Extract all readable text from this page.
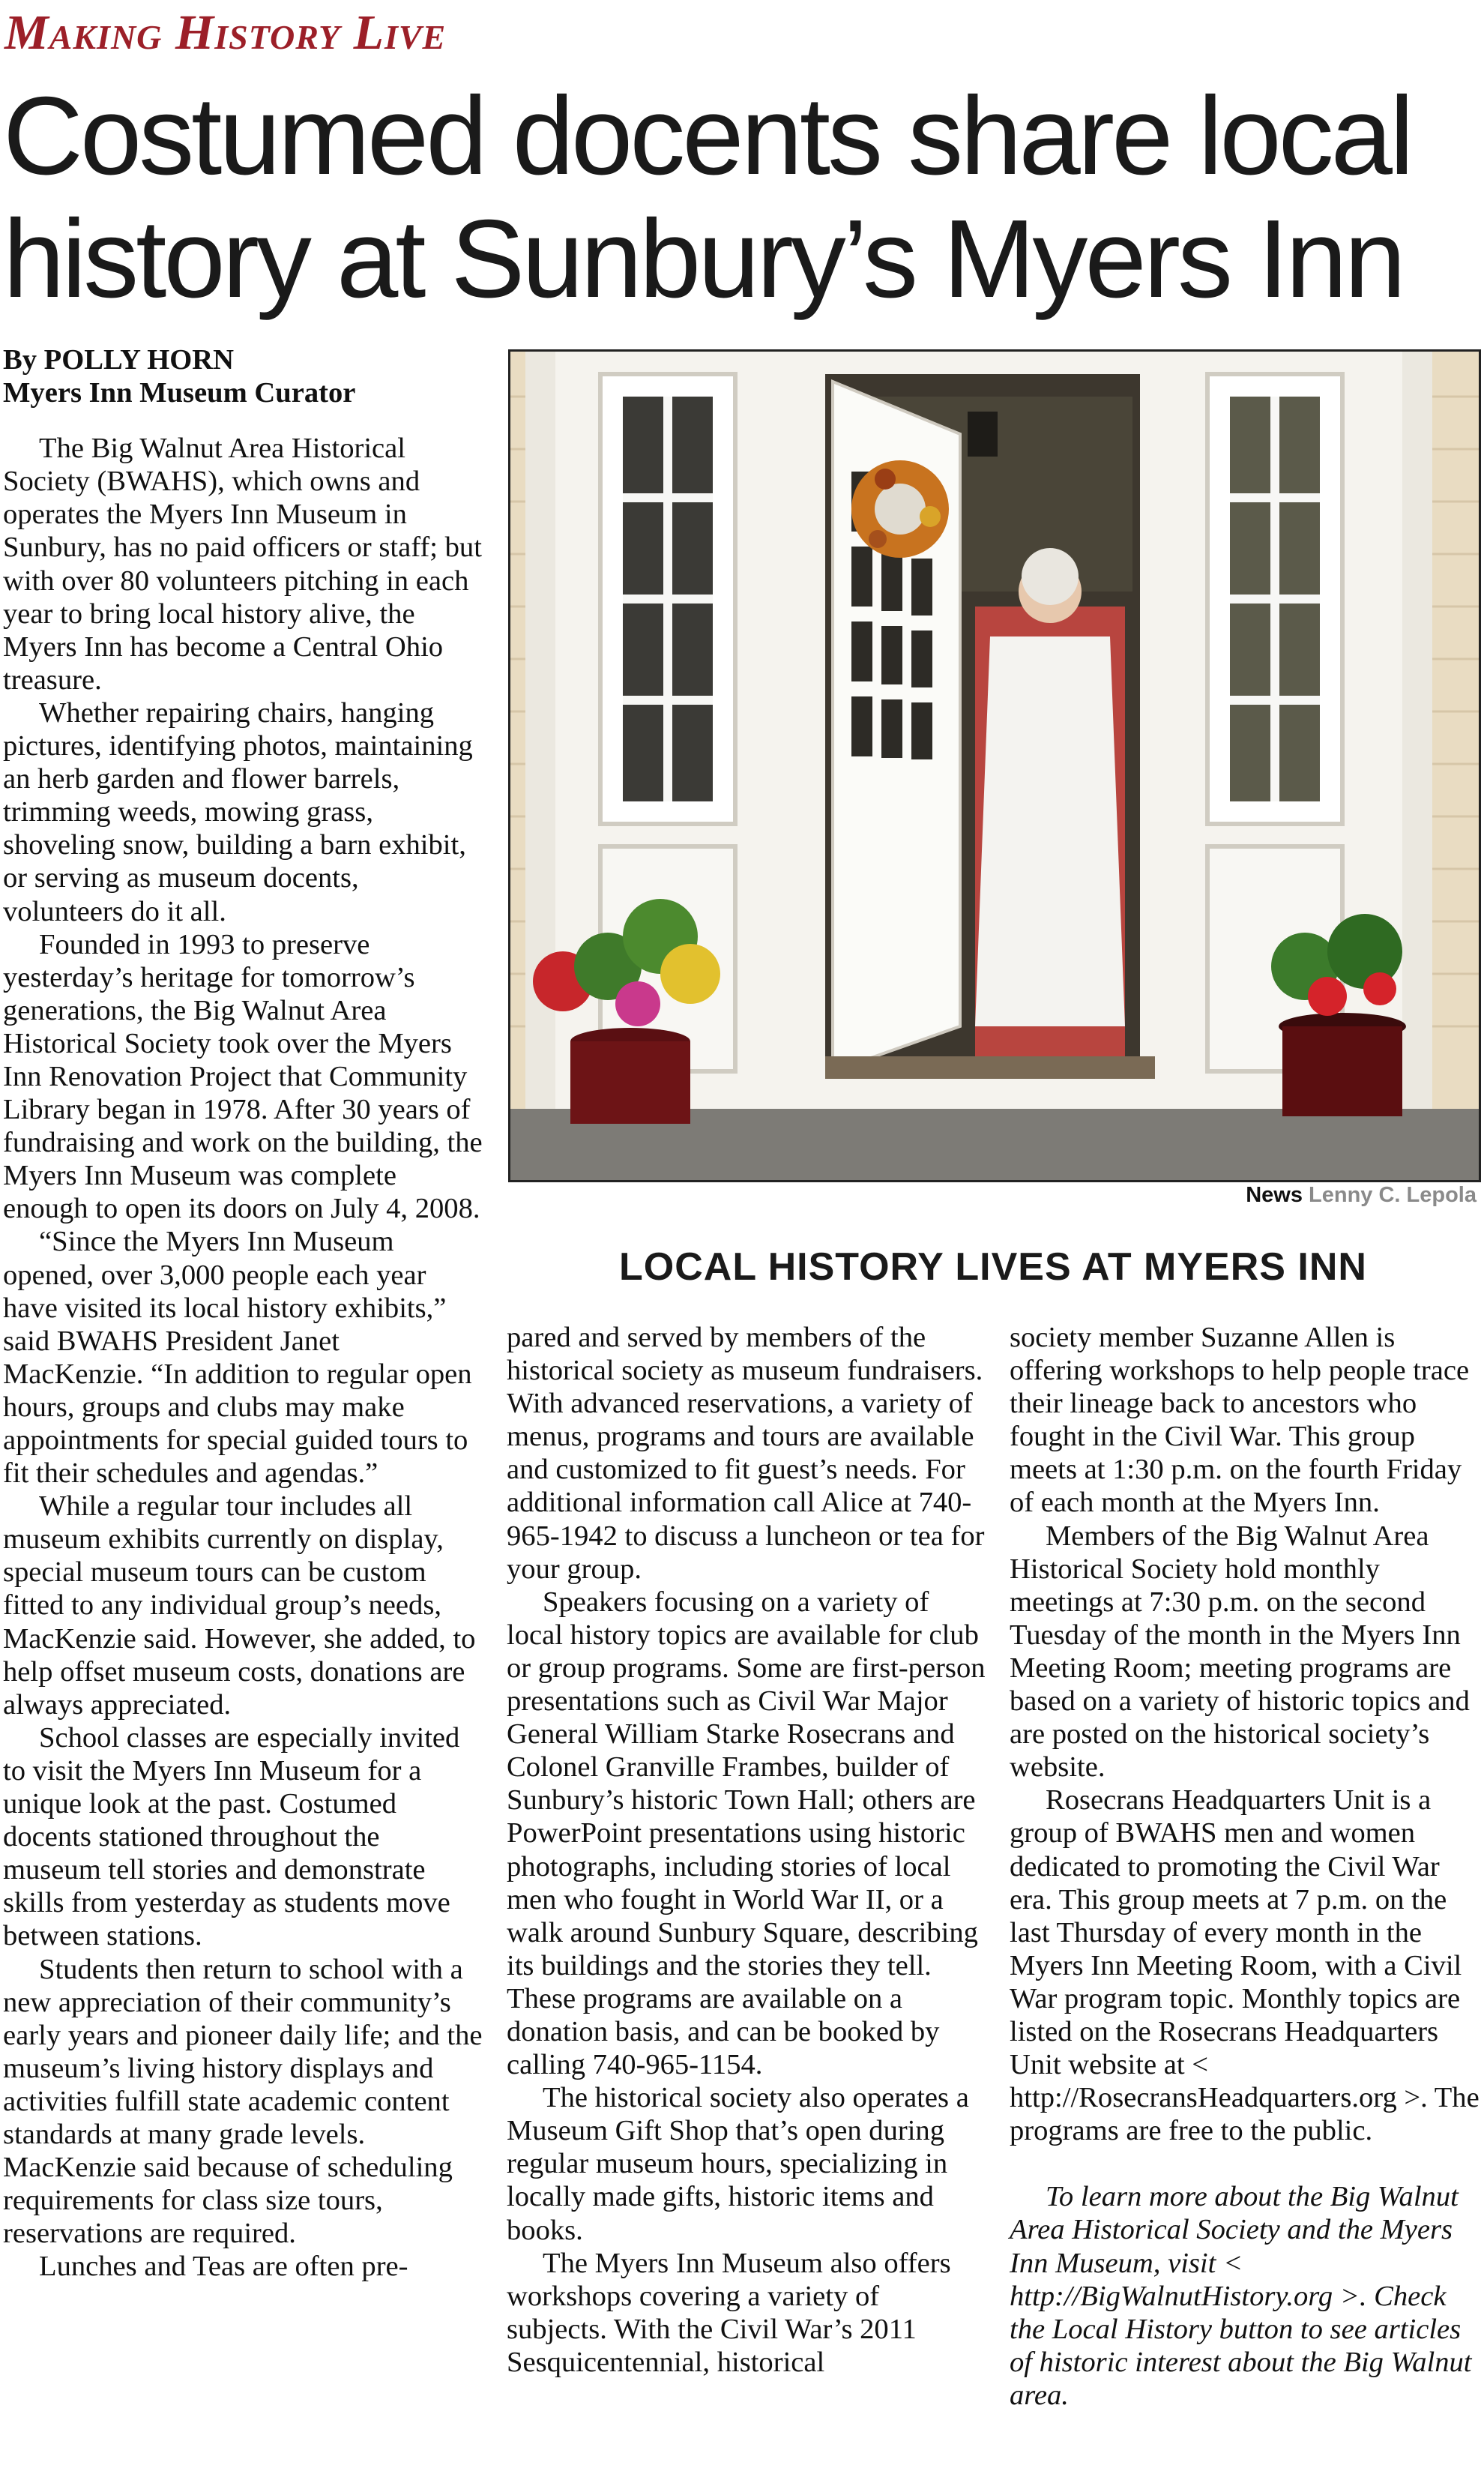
Making History Live
Costumed docents share local
history at Sunbury’s Myers Inn

By POLLY HORN

Myers Inn Museum Curator

The Big Walnut Area Historical Society (BWAHS), which owns and operates the Myers Inn Museum in Sunbury, has no paid officers or staff; but with over 80 volunteers pitching in each year to bring local history alive, the Myers Inn has become a Central Ohio treasure.

Whether repairing chairs, hanging pictures, identifying photos, maintaining an herb garden and flower barrels, trimming weeds, mowing grass, shoveling snow, building a barn exhibit, or serving as museum docents, volunteers do it all.

Founded in 1993 to preserve yesterday’s heritage for tomorrow’s generations, the Big Walnut Area Historical Society took over the Myers Inn Renovation Project that Community Library began in 1978. After 30 years of fundraising and work on the building, the Myers Inn Museum was complete enough to open its doors on July 4, 2008.

“Since the Myers Inn Museum opened, over 3,000 people each year have visited its local history exhibits,” said BWAHS President Janet MacKenzie. “In addition to regular open hours, groups and clubs may make appointments for special guided tours to fit their schedules and agendas.”

While a regular tour includes all museum exhibits currently on display, special museum tours can be custom fitted to any individual group’s needs, MacKenzie said. However, she added, to help offset museum costs, donations are always appreciated.

School classes are especially invited to visit the Myers Inn Museum for a unique look at the past. Costumed docents stationed throughout the museum tell stories and demonstrate skills from yesterday as students move between stations.

Students then return to school with a new appreciation of their community’s early years and pioneer daily life; and the museum’s living history displays and activities fulfill state academic content standards at many grade levels. MacKenzie said because of scheduling requirements for class size tours, reservations are required.

Lunches and Teas are often pre-

News Lenny C. Lepola
LOCAL HISTORY LIVES AT MYERS INN

pared and served by members of the historical society as museum fundraisers. With advanced reservations, a variety of menus, programs and tours are available and customized to fit guest’s needs. For additional information call Alice at 740-965-1942 to discuss a luncheon or tea for your group.

Speakers focusing on a variety of local history topics are available for club or group programs. Some are first-person presentations such as Civil War Major General William Starke Rosecrans and Colonel Granville Frambes, builder of Sunbury’s historic Town Hall; others are PowerPoint presentations using historic photographs, including stories of local men who fought in World War II, or a walk around Sunbury Square, describing its buildings and the stories they tell. These programs are available on a donation basis, and can be booked by calling 740-965-1154.

The historical society also operates a Museum Gift Shop that’s open during regular museum hours, specializing in locally made gifts, historic items and books.

The Myers Inn Museum also offers workshops covering a variety of subjects. With the Civil War’s 2011 Sesquicentennial, historical

society member Suzanne Allen is offering workshops to help people trace their lineage back to ancestors who fought in the Civil War. This group meets at 1:30 p.m. on the fourth Friday of each month at the Myers Inn.

Members of the Big Walnut Area Historical Society hold monthly meetings at 7:30 p.m. on the second Tuesday of the month in the Myers Inn Meeting Room; meeting programs are based on a variety of historic topics and are posted on the historical society’s website.

Rosecrans Headquarters Unit is a group of BWAHS men and women dedicated to promoting the Civil War era. This group meets at 7 p.m. on the last Thursday of every month in the Myers Inn Meeting Room, with a Civil War program topic. Monthly topics are listed on the Rosecrans Headquarters Unit website at < http://RosecransHeadquarters.org >. The programs are free to the public.

To learn more about the Big Walnut Area Historical Society and the Myers Inn Museum, visit < http://BigWalnutHistory.org >. Check the Local History button to see articles of historic interest about the Big Walnut area.
